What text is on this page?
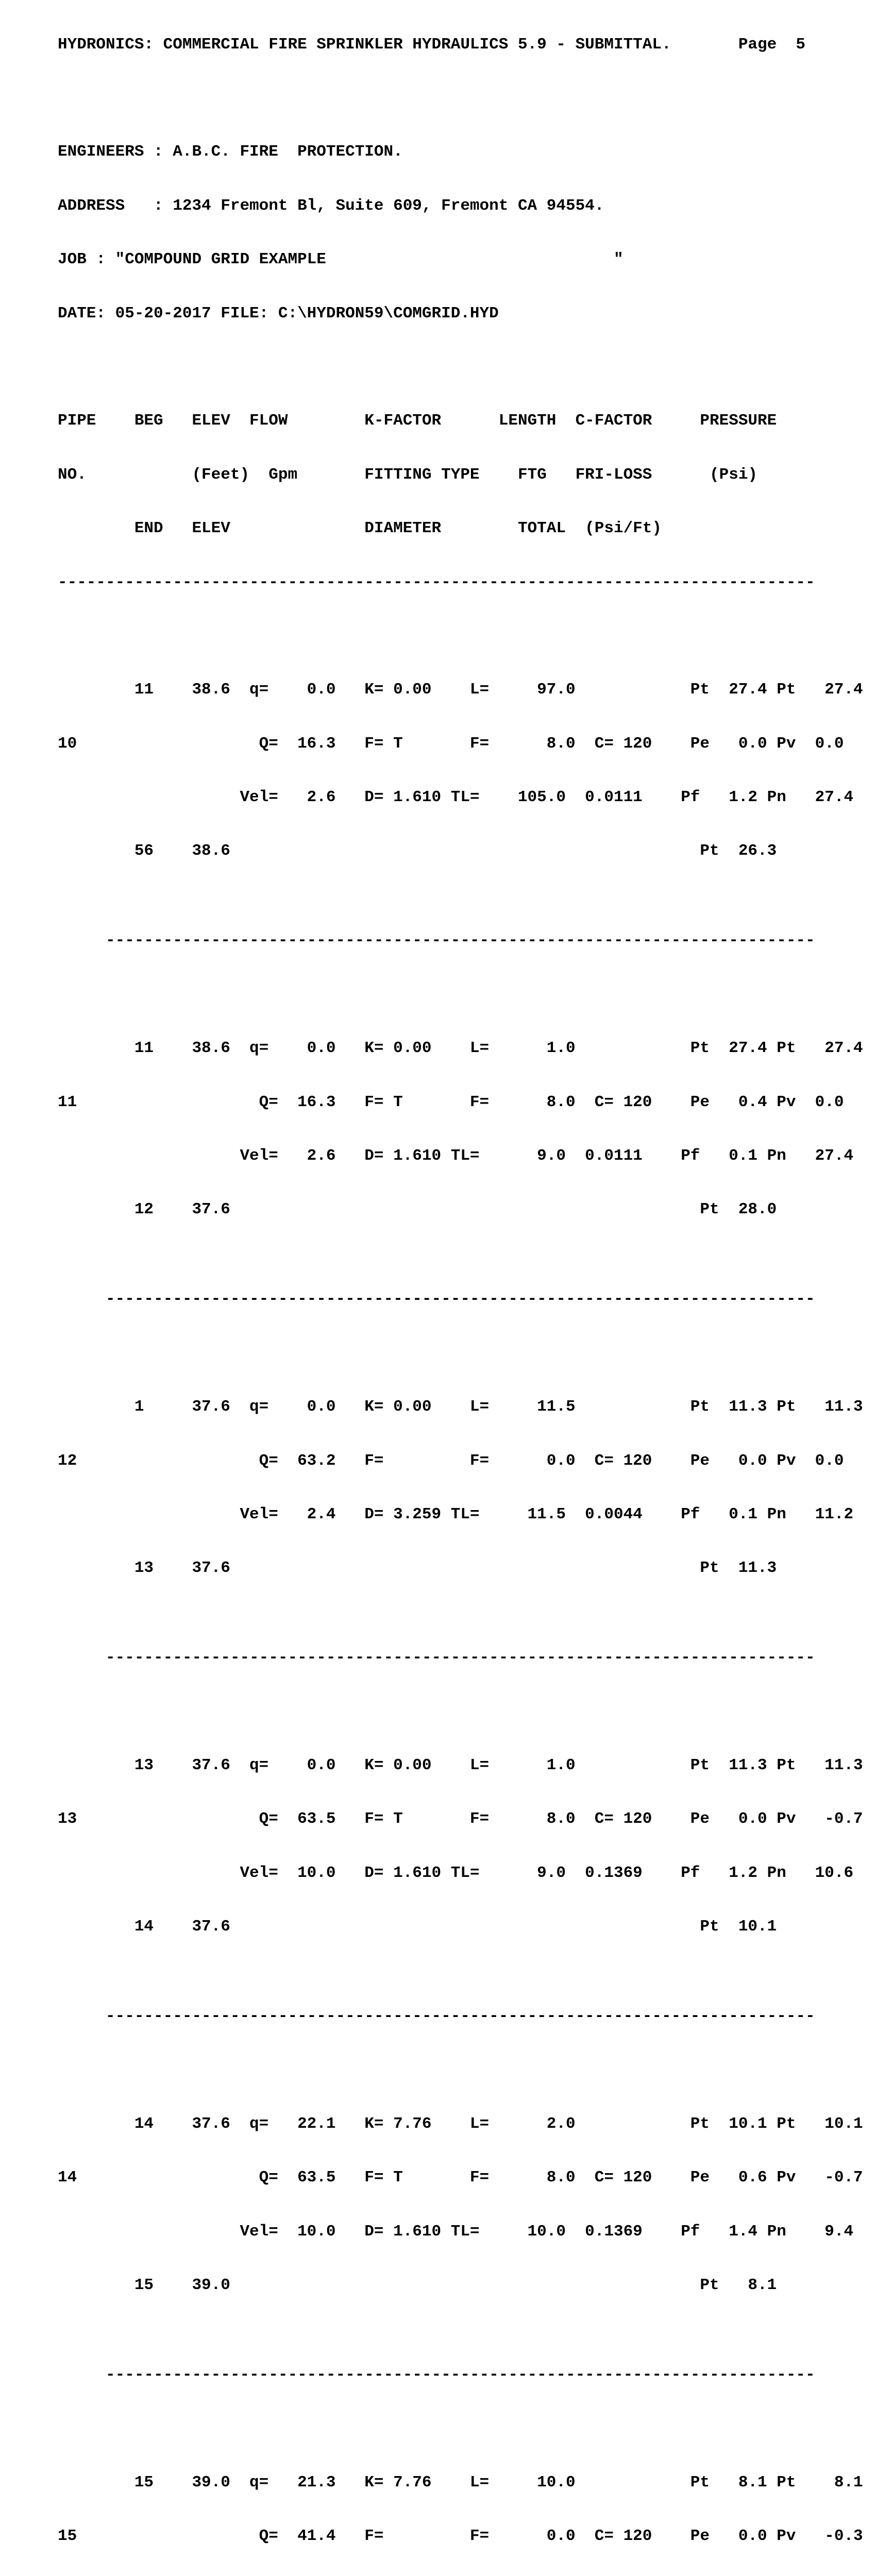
HYDRONICS: COMMERCIAL FIRE SPRINKLER HYDRAULICS 5.9 - SUBMITTAL.       Page  5

ENGINEERS : A.B.C. FIRE  PROTECTION.

ADDRESS   : 1234 Fremont Bl, Suite 609, Fremont CA 94554.

JOB : "COMPOUND GRID EXAMPLE                              "

DATE: 05-20-2017 FILE: C:\HYDRON59\COMGRID.HYD

PIPE    BEG   ELEV  FLOW        K-FACTOR      LENGTH  C-FACTOR     PRESSURE

NO.           (Feet)  Gpm       FITTING TYPE    FTG   FRI-LOSS      (Psi)

END   ELEV              DIAMETER        TOTAL  (Psi/Ft)

-------------------------------------------------------------------------------

11    38.6  q=    0.0   K= 0.00    L=     97.0            Pt  27.4 Pt   27.4

10                   Q=  16.3   F= T       F=      8.0  C= 120    Pe   0.0 Pv  0.0

Vel=   2.6   D= 1.610 TL=    105.0  0.0111    Pf   1.2 Pn   27.4

56    38.6                                                 Pt  26.3

--------------------------------------------------------------------------

11    38.6  q=    0.0   K= 0.00    L=      1.0            Pt  27.4 Pt   27.4

11                   Q=  16.3   F= T       F=      8.0  C= 120    Pe   0.4 Pv  0.0

Vel=   2.6   D= 1.610 TL=      9.0  0.0111    Pf   0.1 Pn   27.4

12    37.6                                                 Pt  28.0

--------------------------------------------------------------------------

1     37.6  q=    0.0   K= 0.00    L=     11.5            Pt  11.3 Pt   11.3

12                   Q=  63.2   F=         F=      0.0  C= 120    Pe   0.0 Pv  0.0

Vel=   2.4   D= 3.259 TL=     11.5  0.0044    Pf   0.1 Pn   11.2

13    37.6                                                 Pt  11.3

--------------------------------------------------------------------------

13    37.6  q=    0.0   K= 0.00    L=      1.0            Pt  11.3 Pt   11.3

13                   Q=  63.5   F= T       F=      8.0  C= 120    Pe   0.0 Pv   -0.7

Vel=  10.0   D= 1.610 TL=      9.0  0.1369    Pf   1.2 Pn   10.6

14    37.6                                                 Pt  10.1

--------------------------------------------------------------------------

14    37.6  q=   22.1   K= 7.76    L=      2.0            Pt  10.1 Pt   10.1

14                   Q=  63.5   F= T       F=      8.0  C= 120    Pe   0.6 Pv   -0.7

Vel=  10.0   D= 1.610 TL=     10.0  0.1369    Pf   1.4 Pn    9.4

15    39.0                                                 Pt   8.1

--------------------------------------------------------------------------

15    39.0  q=   21.3   K= 7.76    L=     10.0            Pt   8.1 Pt    8.1

15                   Q=  41.4   F=         F=      0.0  C= 120    Pe   0.0 Pv   -0.3
